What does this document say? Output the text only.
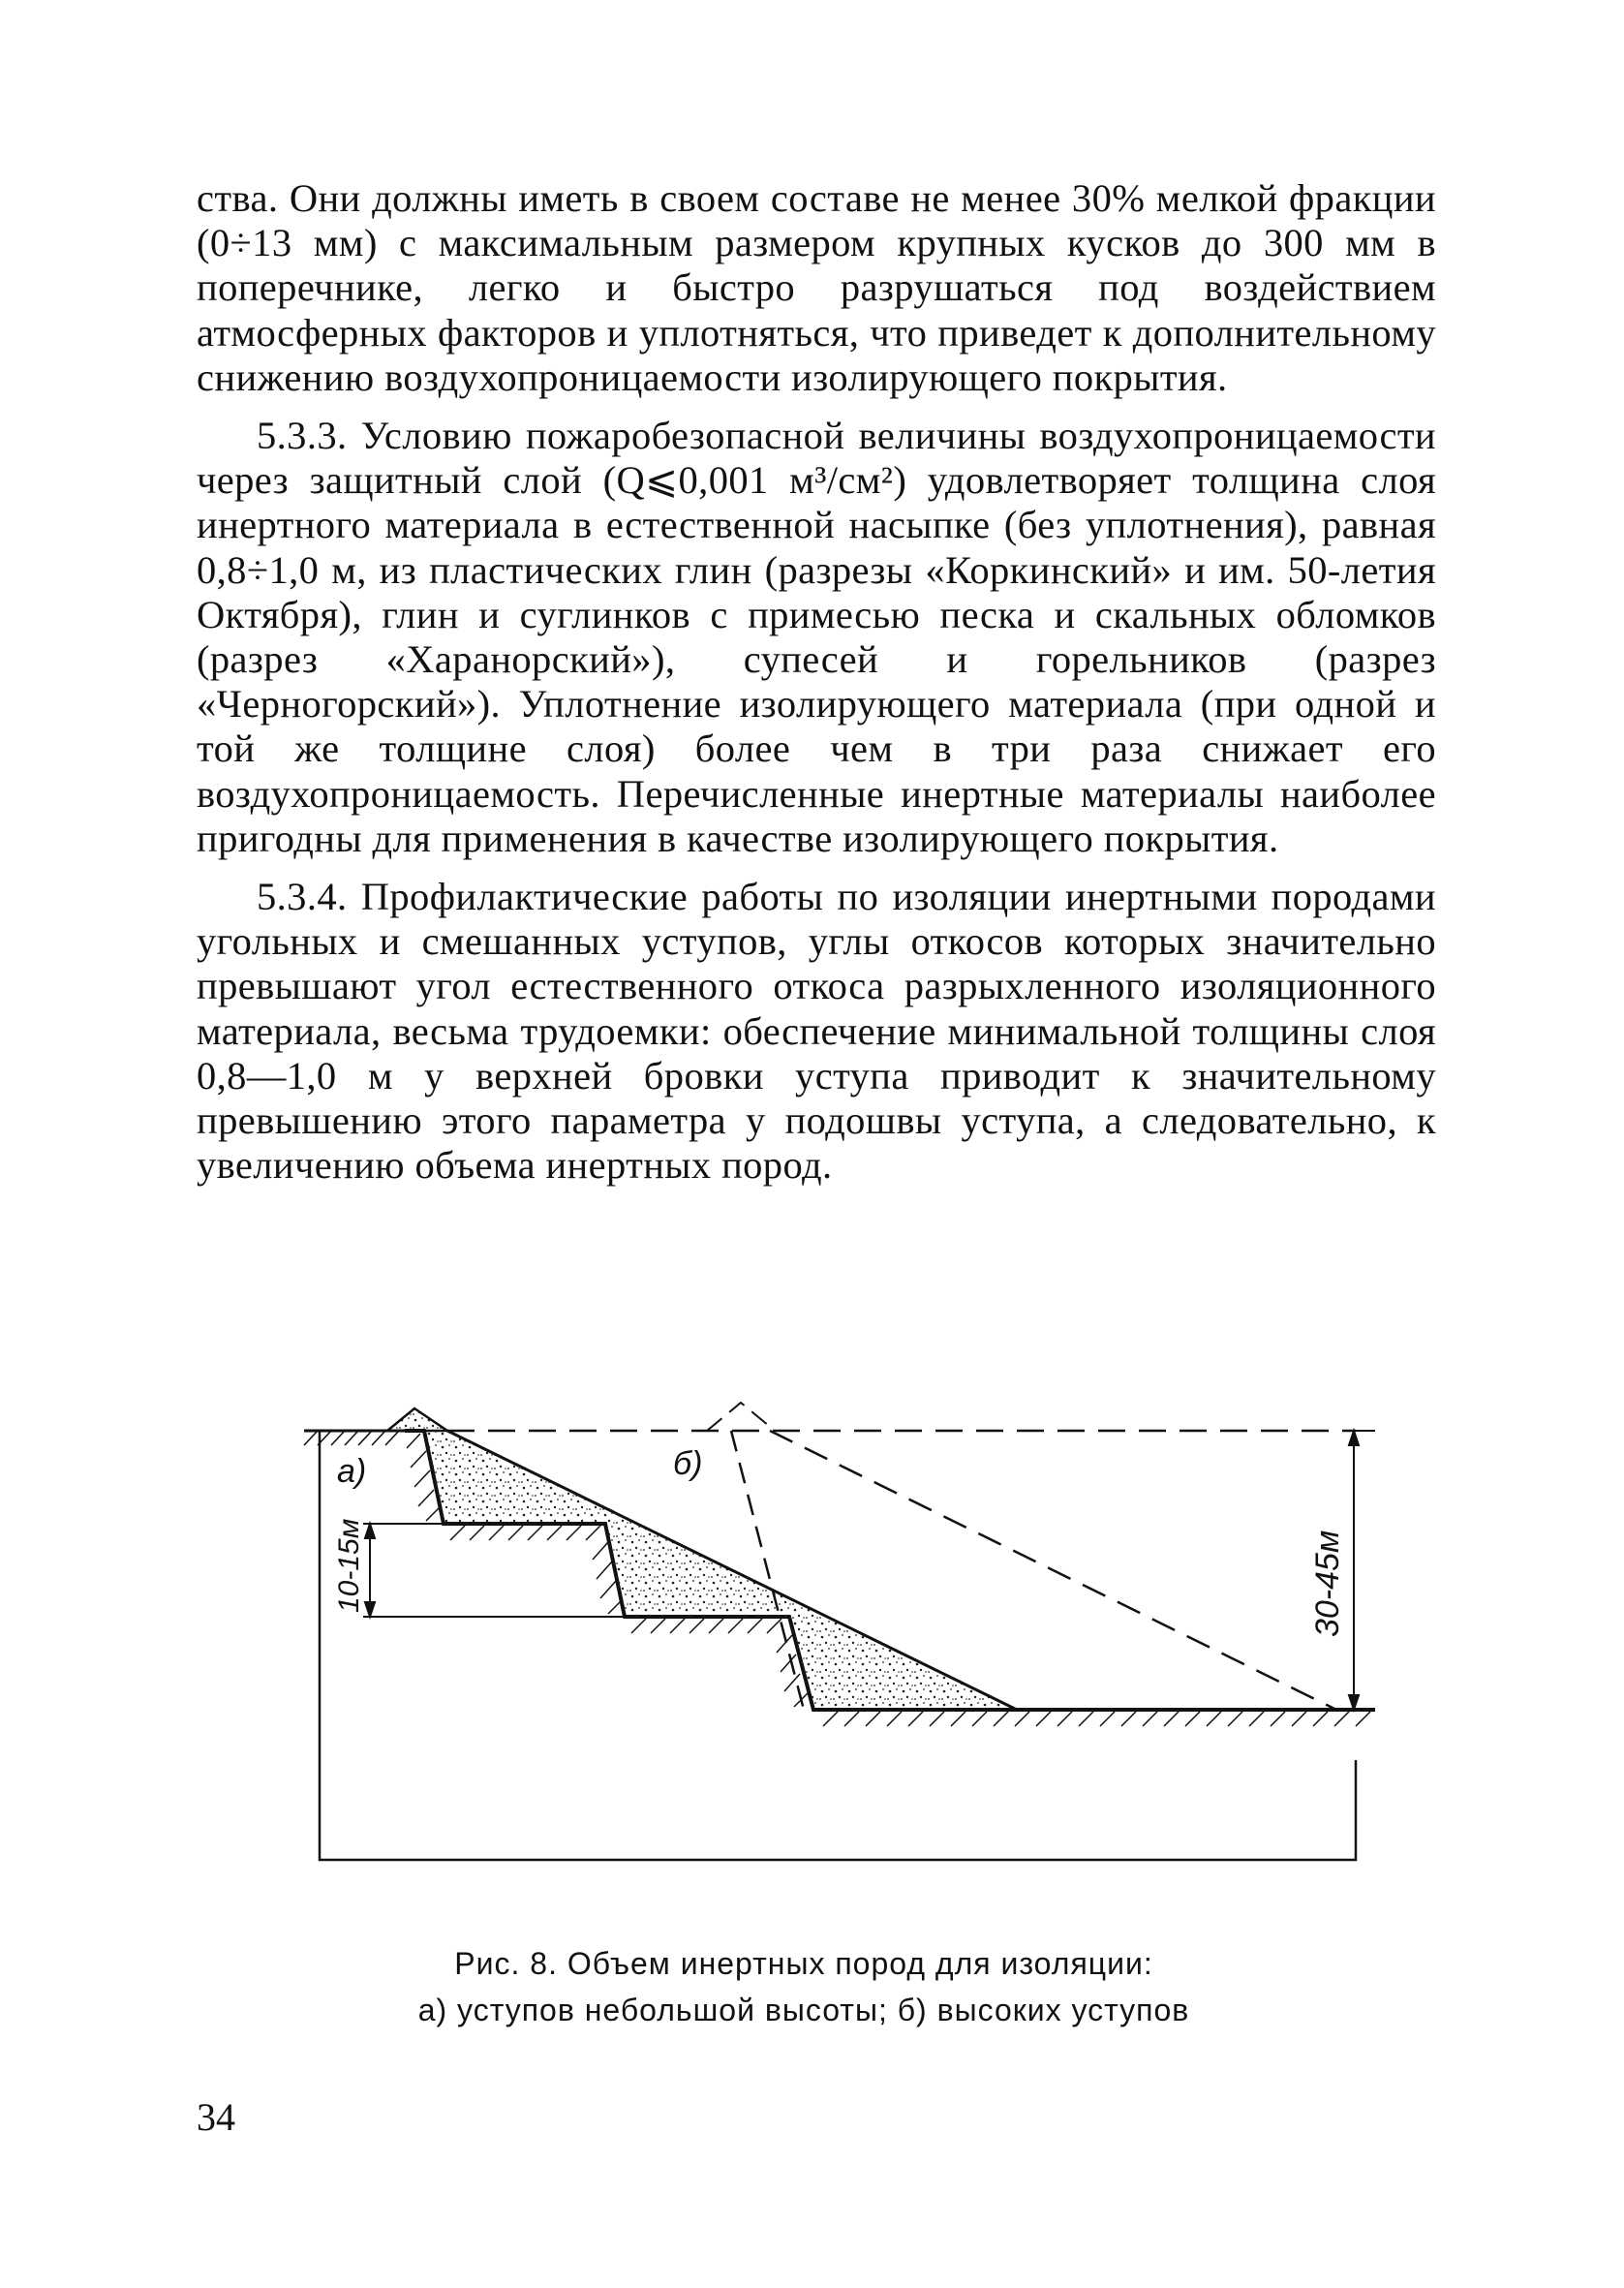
ства. Они должны иметь в своем составе не менее 30% мелкой фракции (0÷13 мм) с максимальным размером крупных кусков до 300 мм в поперечнике, легко и быстро разрушаться под воздействием атмосферных факторов и уплотняться, что приведет к дополнительному снижению воздухопроницаемости изолирующего покрытия.

5.3.3. Условию пожаробезопасной величины воздухопроницаемости через защитный слой (Q⩽0,001 м³/см²) удовлетворяет толщина слоя инертного материала в естественной насыпке (без уплотнения), равная 0,8÷1,0 м, из пластических глин (разрезы «Коркинский» и им. 50-летия Октября), глин и суглинков с примесью песка и скальных обломков (разрез «Харанорский»), супесей и горельников (разрез «Черногорский»). Уплотнение изолирующего материала (при одной и той же толщине слоя) более чем в три раза снижает его воздухопроницаемость. Перечисленные инертные материалы наиболее пригодны для применения в качестве изолирующего покрытия.

5.3.4. Профилактические работы по изоляции инертными породами угольных и смешанных уступов, углы откосов которых значительно превышают угол естественного откоса разрыхленного изоляционного материала, весьма трудоемки: обеспечение минимальной толщины слоя 0,8—1,0 м у верхней бровки уступа приводит к значительному превышению этого параметра у подошвы уступа, а следовательно, к увеличению объема инертных пород.

10-15м	30-45м
а)	б)
Рис. 8. Объем инертных пород для изоляции:
а) уступов небольшой высоты; б) высоких уступов
34
